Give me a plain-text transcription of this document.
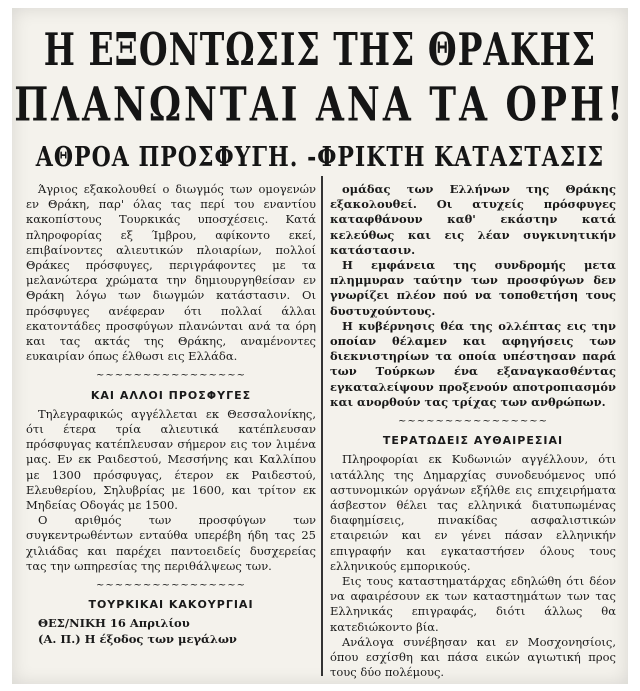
Η ΕΞΟΝΤΩΣΙΣ ΤΗΣ ΘΡΑΚΗΣ
ΠΛΑΝΩΝΤΑΙ ΑΝΑ ΤΑ ΟΡΗ!
ΑΘΡΟΑ ΠΡΟΣΦΥΓΗ. -ΦΡΙΚΤΗ ΚΑΤΑΣΤΑΣΙΣ

Άγριος εξακολουθεί ο διωγμός των ομογενών εν Θράκη, παρ' όλας τας περί του εναντίου κακοπίστους Τουρκικάς υποσχέσεις. Κατά πληροφορίας εξ Ίμβρου, αφίκοντο εκεί, επιβαίνοντες αλιευτικών πλοιαρίων, πολλοί Θράκες πρόσφυγες, περιγράφοντες με τα μελανώτερα χρώματα την δημιουργηθείσαν εν Θράκη λόγω των διωγμών κατάστασιν. Οι πρόσφυγες ανέφεραν ότι πολλαί άλλαι εκατοντάδες προσφύγων πλανώνται ανά τα όρη και τας ακτάς της Θράκης, αναμένοντες ευκαιρίαν όπως έλθωσι εις Ελλάδα.

~~~~~~~~~~~~~~~~

ΚΑΙ ΑΛΛΟΙ ΠΡΟΣΦΥΓΕΣ

Τηλεγραφικώς αγγέλλεται εκ Θεσσαλονίκης, ότι έτερα τρία αλιευτικά κατέπλευσαν πρόσφυγας κατέπλευσαν σήμερον εις τον λιμένα μας. Εν εκ Ραιδεστού, Μεσσήνης και Καλλίπου με 1300 πρόσφυγας, έτερον εκ Ραιδεστού, Ελευθερίου, Σηλυβρίας με 1600, και τρίτον εκ Μηδείας Οδογάς με 1500.

Ο αριθμός των προσφύγων των συγκεντρωθέντων ενταύθα υπερέβη ήδη τας 25 χιλιάδας και παρέχει παντοειδείς δυσχερείας τας την ωπηρεσίας της περιθάλψεως των.

~~~~~~~~~~~~~~~~

ΤΟΥΡΚΙΚΑΙ ΚΑΚΟΥΡΓΙΑΙ

ΘΕΣ/ΝΙΚΗ 16 Απριλίου

(Α. Π.) Η έξοδος των μεγάλων

ομάδας των Ελλήνων της Θράκης εξακολουθεί. Οι ατυχείς πρόσφυγες καταφθάνουν καθ' εκάστην κατά κελεύθως και εις λέαν συγκινητικήν κατάστασιν.

Η εμφάνεια της συνδρομής μετα πλημμυραν ταύτην των προσφύγων δεν γνωρίζει πλέον πού να τοποθετήση τους δυστυχούντους.

Η κυβέρνησις θέα της ολλέπτας εις την οποίαν θέλαμεν και αφηγήσεις των διεκνιστηρίων τα οποία υπέστησαν παρά των Τούρκων ένα εξαναγκασθέντας εγκαταλείψουν προξενούν αποτροπιασμόν και ανορθούν τας τρίχας των ανθρώπων.

~~~~~~~~~~~~~~~~

ΤΕΡΑΤΩΔΕΙΣ ΑΥΘΑΙΡΕΣΙΑΙ

Πληροφορίαι εκ Κυδωνιών αγγέλλουν, ότι ιατάλλης της Δημαρχίας συνοδευόμενος υπό αστυνομικών οργάνων εξήλθε εις επιχειρήματα άσβεστον θέλει τας ελληνικά διατυπωμένας διαφημίσεις, πινακίδας ασφαλιστικών εταιρειών και εν γένει πάσαν ελληνικήν επιγραφήν και εγκαταστήσεν όλους τους ελληνικούς εμπορικούς.

Εις τους καταστηματάρχας εδηλώθη ότι δέον να αφαιρέσουν εκ των καταστημάτων των τας Ελληνικάς επιγραφάς, διότι άλλως θα κατεδιώκοντο βία.

Ανάλογα συνέβησαν και εν Μοσχονησίοις, όπου εσχίσθη και πάσα εικών αγιωτική προς τους δύο πολέμους.
